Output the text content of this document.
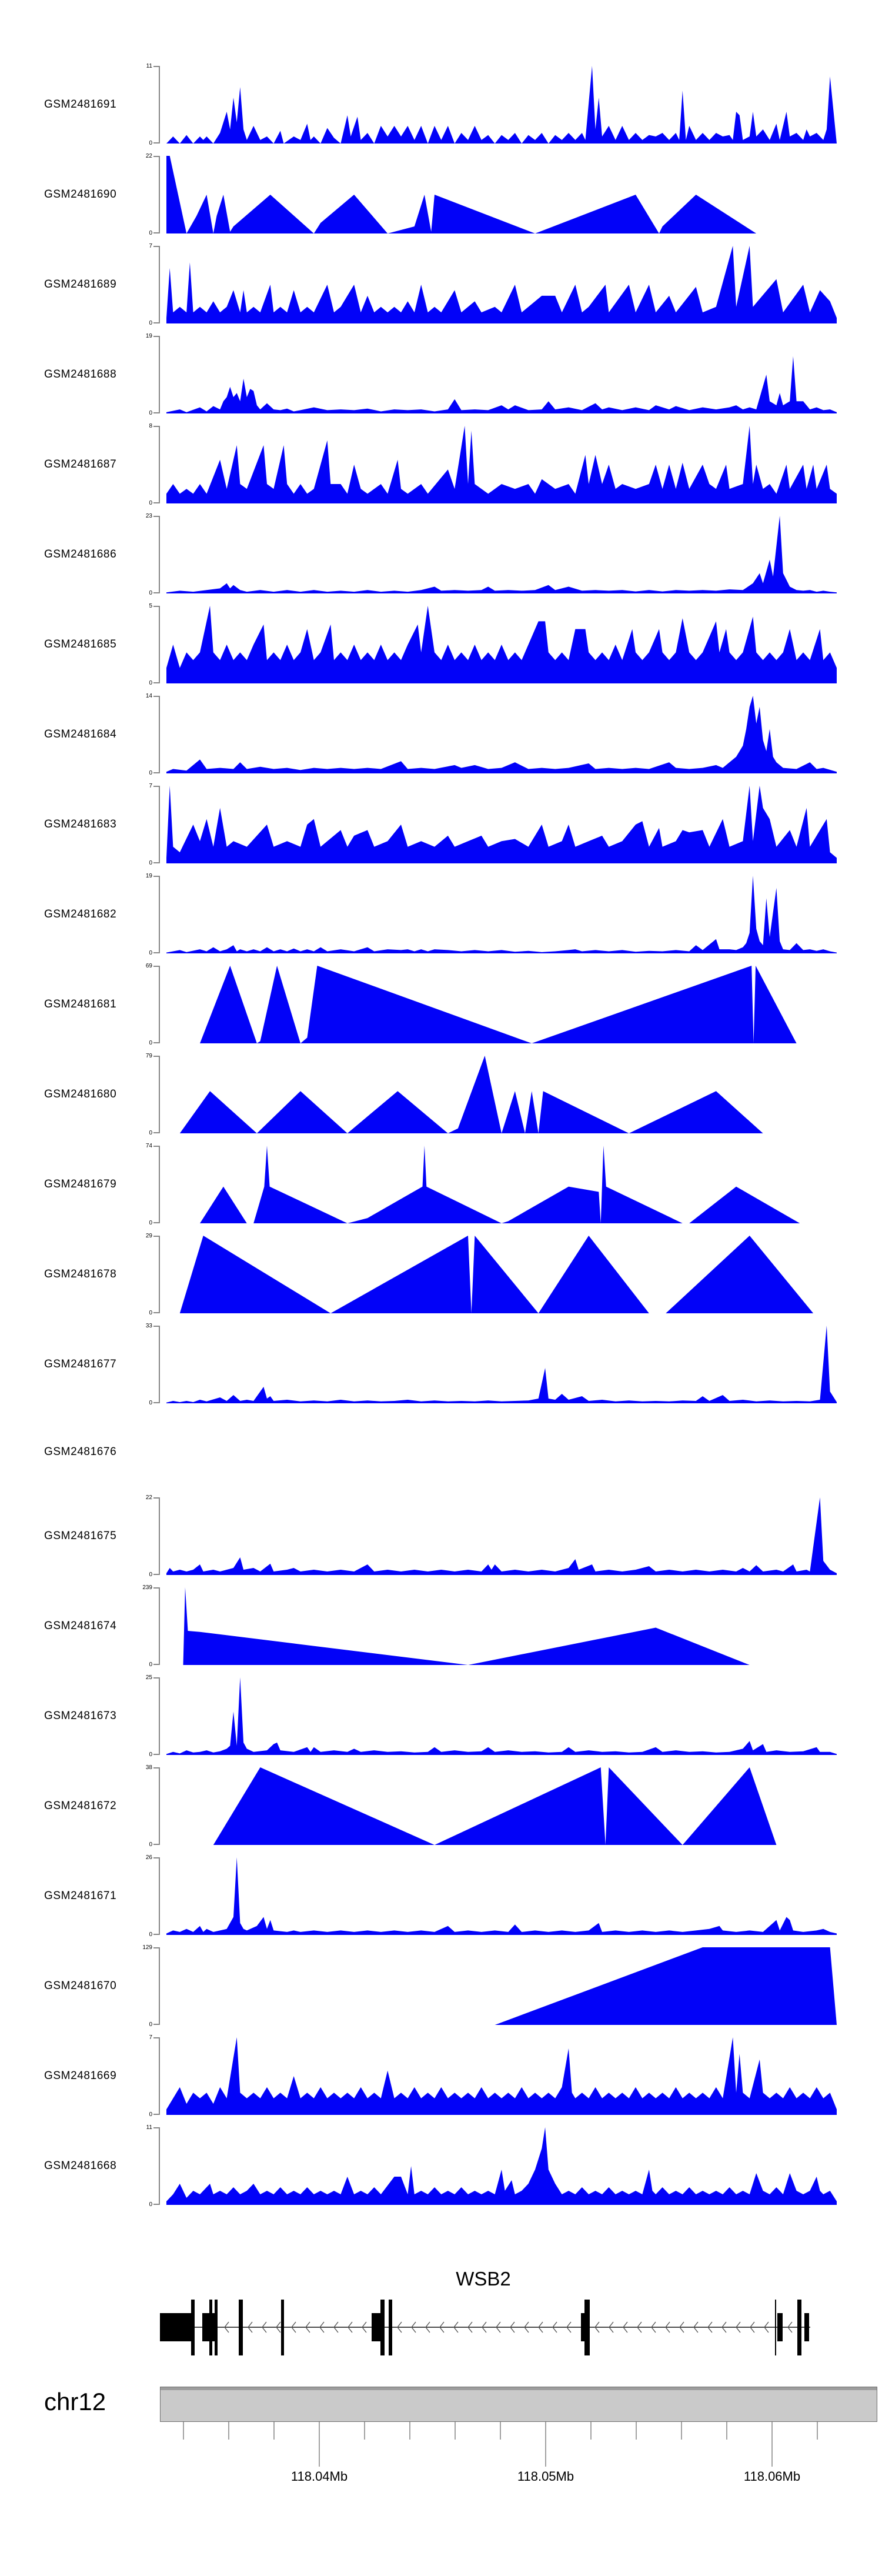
GSM2481691
11
0
GSM2481690
22
0
GSM2481689
7
0
GSM2481688
19
0
GSM2481687
8
0
GSM2481686
23
0
GSM2481685
5
0
GSM2481684
14
0
GSM2481683
7
0
GSM2481682
19
0
GSM2481681
69
0
GSM2481680
79
0
GSM2481679
74
0
GSM2481678
29
0
GSM2481677
33
0
GSM2481676
GSM2481675
22
0
GSM2481674
239
0
GSM2481673
25
0
GSM2481672
38
0
GSM2481671
26
0
GSM2481670
129
0
GSM2481669
7
0
GSM2481668
11
0
WSB2
chr12
118.04Mb	118.05Mb	118.06Mb
